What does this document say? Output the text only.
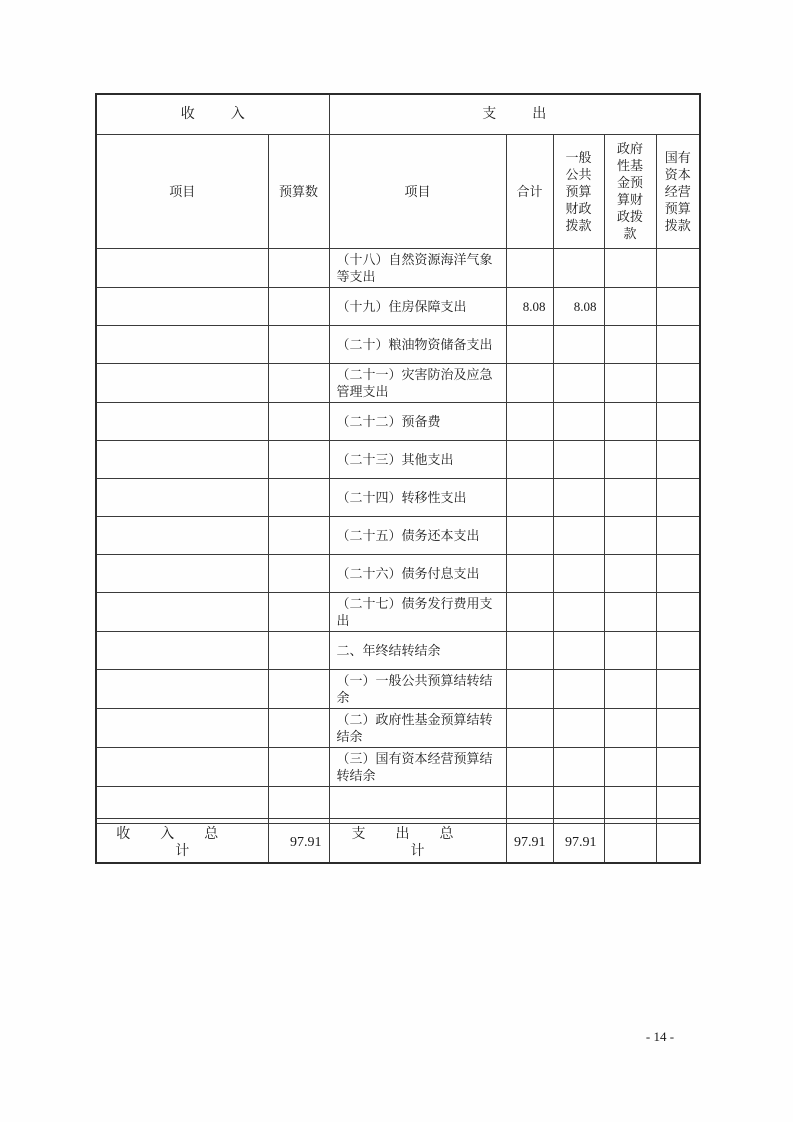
收入		支出				
项目	预算数	项目	合计	一般公共预算财政拨款	政府性基金预算财政拨款	国有资本经营预算拨款
		（十八）自然资源海洋气象等支出				
		（十九）住房保障支出	8.08	8.08		
		（二十）粮油物资储备支出				
		（二十一）灾害防治及应急管理支出				
		（二十二）预备费				
		（二十三）其他支出				
		（二十四）转移性支出				
		（二十五）债务还本支出				
		（二十六）债务付息支出				
		（二十七）债务发行费用支出				
		二、年终结转结余				
		（一）一般公共预算结转结余				
		（二）政府性基金预算结转结余				
		（三）国有资本经营预算结转结余				

收入总计	97.91	支出总计	97.91	97.91		
- 14 -
